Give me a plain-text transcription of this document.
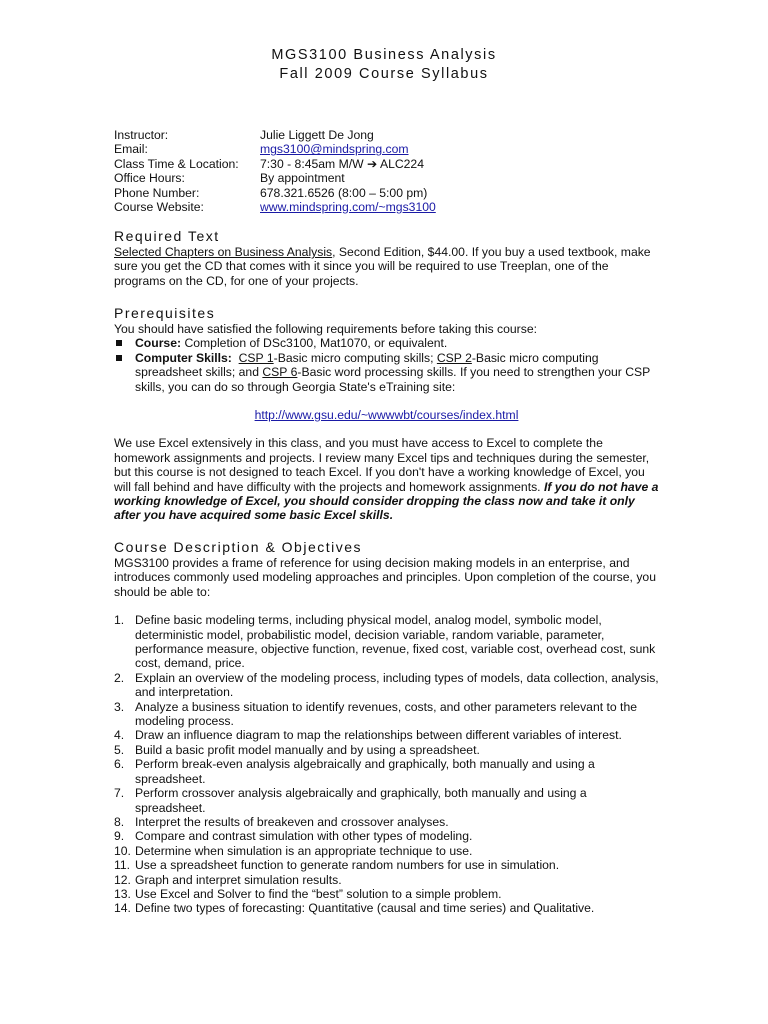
MGS3100 Business Analysis
Fall 2009 Course Syllabus
Instructor:	Julie Liggett De Jong
Email:	mgs3100@mindspring.com
Class Time & Location:	7:30 - 8:45am M/W ➔ ALC224
Office Hours:	By appointment
Phone Number:	678.321.6526 (8:00 – 5:00 pm)
Course Website:	www.mindspring.com/~mgs3100
Required Text

Selected Chapters on Business Analysis, Second Edition, $44.00. If you buy a used textbook, make sure you get the CD that comes with it since you will be required to use Treeplan, one of the programs on the CD, for one of your projects.

Prerequisites

You should have satisfied the following requirements before taking this course:

Course: Completion of DSc3100, Mat1070, or equivalent.
Computer Skills: CSP 1-Basic micro computing skills; CSP 2-Basic micro computing spreadsheet skills; and CSP 6-Basic word processing skills. If you need to strengthen your CSP skills, you can do so through Georgia State's eTraining site:

http://www.gsu.edu/~wwwwbt/courses/index.html

We use Excel extensively in this class, and you must have access to Excel to complete the homework assignments and projects. I review many Excel tips and techniques during the semester, but this course is not designed to teach Excel. If you don't have a working knowledge of Excel, you will fall behind and have difficulty with the projects and homework assignments. If you do not have a working knowledge of Excel, you should consider dropping the class now and take it only after you have acquired some basic Excel skills.

Course Description & Objectives

MGS3100 provides a frame of reference for using decision making models in an enterprise, and introduces commonly used modeling approaches and principles. Upon completion of the course, you should be able to:

1. Define basic modeling terms, including physical model, analog model, symbolic model, deterministic model, probabilistic model, decision variable, random variable, parameter, performance measure, objective function, revenue, fixed cost, variable cost, overhead cost, sunk cost, demand, price.
2. Explain an overview of the modeling process, including types of models, data collection, analysis, and interpretation.
3. Analyze a business situation to identify revenues, costs, and other parameters relevant to the modeling process.
4. Draw an influence diagram to map the relationships between different variables of interest.
5. Build a basic profit model manually and by using a spreadsheet.
6. Perform break-even analysis algebraically and graphically, both manually and using a spreadsheet.
7. Perform crossover analysis algebraically and graphically, both manually and using a spreadsheet.
8. Interpret the results of breakeven and crossover analyses.
9. Compare and contrast simulation with other types of modeling.
10. Determine when simulation is an appropriate technique to use.
11. Use a spreadsheet function to generate random numbers for use in simulation.
12. Graph and interpret simulation results.
13. Use Excel and Solver to find the “best” solution to a simple problem.
14. Define two types of forecasting: Quantitative (causal and time series) and Qualitative.
